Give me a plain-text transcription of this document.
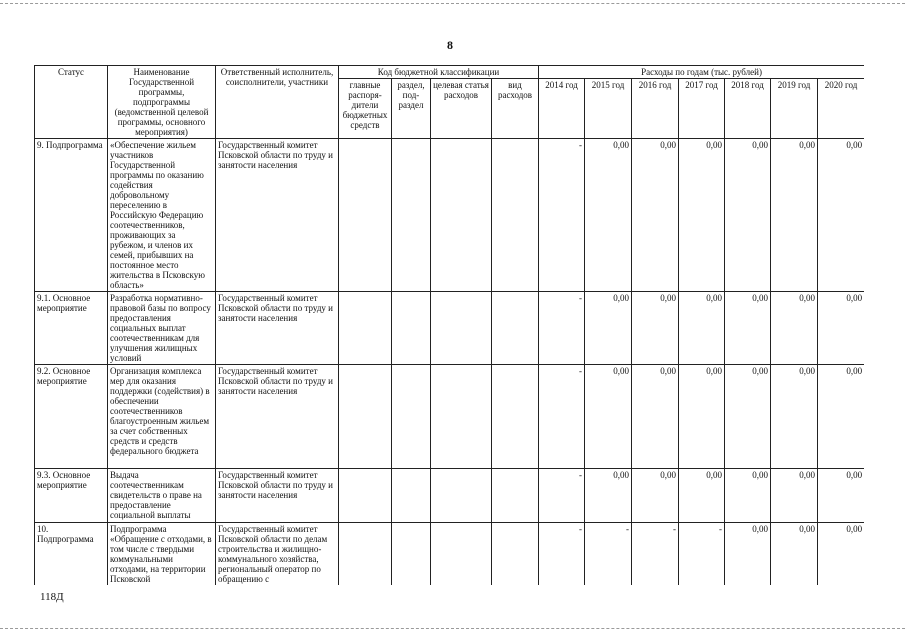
8
Статус	Наименование Государственной программы, подпрограммы (ведомственной целевой программы, основного мероприятия)	Ответственный исполнитель, соисполнители, участники	Код бюджетной классификации				Расходы по годам (тыс. рублей)						
			главные распоря- дители бюджетных средств	раздел, под- раздел	целевая статья расходов	вид расходов	2014 год	2015 год	2016 год	2017 год	2018 год	2019 год	2020 год
9. Подпрограмма	«Обеспечение жильем участников Государственной программы по оказанию содействия добровольному переселению в Российскую Федерацию соотечественников, проживающих за рубежом, и членов их семей, прибывших на постоянное место жительства в Псковскую область»	Государственный комитет Псковской области по труду и занятости населения					-	0,00	0,00	0,00	0,00	0,00	0,00
9.1. Основное мероприятие	Разработка нормативно-правовой базы по вопросу предоставления социальных выплат соотечественникам для улучшения жилищных условий	Государственный комитет Псковской области по труду и занятости населения					-	0,00	0,00	0,00	0,00	0,00	0,00
9.2. Основное мероприятие	Организация комплекса мер для оказания поддержки (содействия) в обеспечении соотечественников благоустроенным жильем за счет собственных средств и средств федерального бюджета	Государственный комитет Псковской области по труду и занятости населения					-	0,00	0,00	0,00	0,00	0,00	0,00
9.3. Основное мероприятие	Выдача соотечественникам свидетельств о праве на предоставление социальной выплаты	Государственный комитет Псковской области по труду и занятости населения					-	0,00	0,00	0,00	0,00	0,00	0,00
10. Подпрограмма	Подпрограмма «Обращение с отходами, в том числе с твердыми коммунальными отходами, на территории Псковской	Государственный комитет Псковской области по делам строительства и жилищно-коммунального хозяйства, региональный оператор по обращению с					-	-	-	-	0,00	0,00	0,00
118Д
